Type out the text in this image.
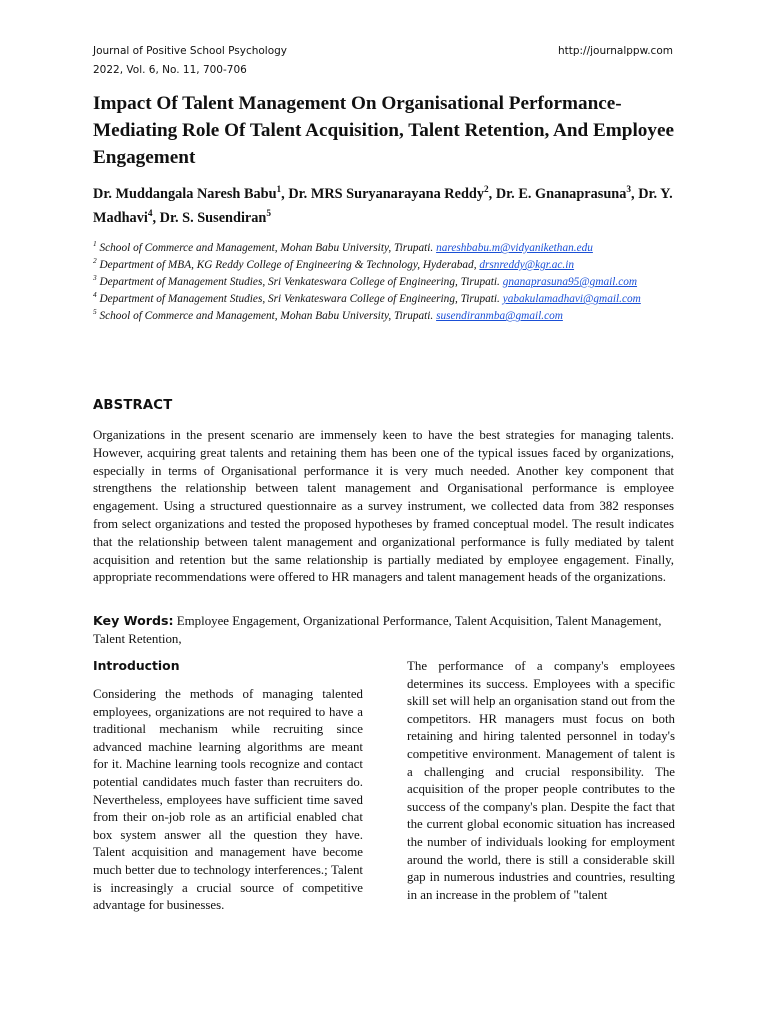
Journal of Positive School Psychology
2022, Vol. 6, No. 11, 700-706
http://journalppw.com
Impact Of Talent Management On Organisational Performance-Mediating Role Of Talent Acquisition, Talent Retention, And Employee Engagement
Dr. Muddangala Naresh Babu$^1$, Dr. MRS Suryanarayana Reddy$^2$, Dr. E. Gnanaprasuna$^3$, Dr. Y. Madhavi$^4$, Dr. S. Susendiran$^5$

$^1$ School of Commerce and Management, Mohan Babu University, Tirupati. nareshbabu.m@vidyanikethan.edu

$^2$ Department of MBA, KG Reddy College of Engineering & Technology, Hyderabad, drsnreddy@kgr.ac.in

$^3$ Department of Management Studies, Sri Venkateswara College of Engineering, Tirupati. gnanaprasuna95@gmail.com

$^4$ Department of Management Studies, Sri Venkateswara College of Engineering, Tirupati. yabakulamadhavi@gmail.com

$^5$ School of Commerce and Management, Mohan Babu University, Tirupati. susendiranmba@gmail.com

ABSTRACT

Organizations in the present scenario are immensely keen to have the best strategies for managing talents. However, acquiring great talents and retaining them has been one of the typical issues faced by organizations, especially in terms of Organisational performance it is very much needed. Another key component that strengthens the relationship between talent management and Organisational performance is employee engagement. Using a structured questionnaire as a survey instrument, we collected data from 382 responses from select organizations and tested the proposed hypotheses by framed conceptual model. The result indicates that the relationship between talent management and organizational performance is fully mediated by talent acquisition and retention but the same relationship is partially mediated by employee engagement. Finally, appropriate recommendations were offered to HR managers and talent management heads of the organizations.

Key Words: Employee Engagement, Organizational Performance, Talent Acquisition, Talent Management, Talent Retention,

Introduction

Considering the methods of managing talented employees, organizations are not required to have a traditional mechanism while recruiting since advanced machine learning algorithms are meant for it. Machine learning tools recognize and contact potential candidates much faster than recruiters do. Nevertheless, employees have sufficient time saved from their on-job role as an artificial enabled chat box system answer all the question they have. Talent acquisition and management have become much better due to technology interferences.; Talent is increasingly a crucial source of competitive advantage for businesses.

The performance of a company's employees determines its success. Employees with a specific skill set will help an organisation stand out from the competitors. HR managers must focus on both retaining and hiring talented personnel in today's competitive environment. Management of talent is a challenging and crucial responsibility. The acquisition of the proper people contributes to the success of the company's plan. Despite the fact that the current global economic situation has increased the number of individuals looking for employment around the world, there is still a considerable skill gap in numerous industries and countries, resulting in an increase in the problem of "talent
